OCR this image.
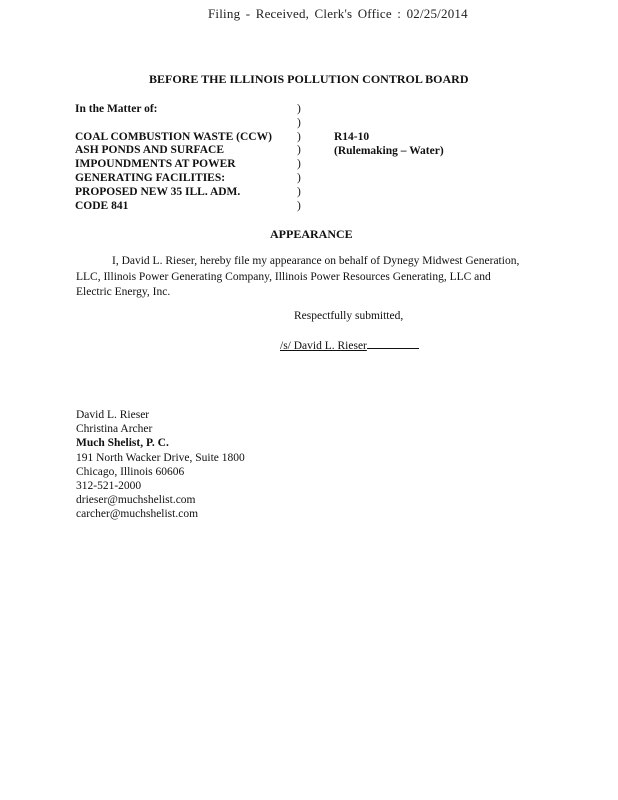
Filing - Received, Clerk's Office : 02/25/2014
BEFORE THE ILLINOIS POLLUTION CONTROL BOARD
In the Matter of:
COAL COMBUSTION WASTE (CCW)
ASH PONDS AND SURFACE
IMPOUNDMENTS AT POWER
GENERATING FACILITIES:
PROPOSED NEW 35 ILL. ADM.
CODE 841
)
)
)
)
)
)
)
)
R14-10
(Rulemaking – Water)
APPEARANCE
I, David L. Rieser, hereby file my appearance on behalf of Dynegy Midwest Generation,
LLC, Illinois Power Generating Company, Illinois Power Resources Generating, LLC and
Electric Energy, Inc.
Respectfully submitted,
/s/ David L. Rieser
David L. Rieser
Christina Archer
Much Shelist, P. C.
191 North Wacker Drive, Suite 1800
Chicago, Illinois 60606
312-521-2000
drieser@muchshelist.com
carcher@muchshelist.com
